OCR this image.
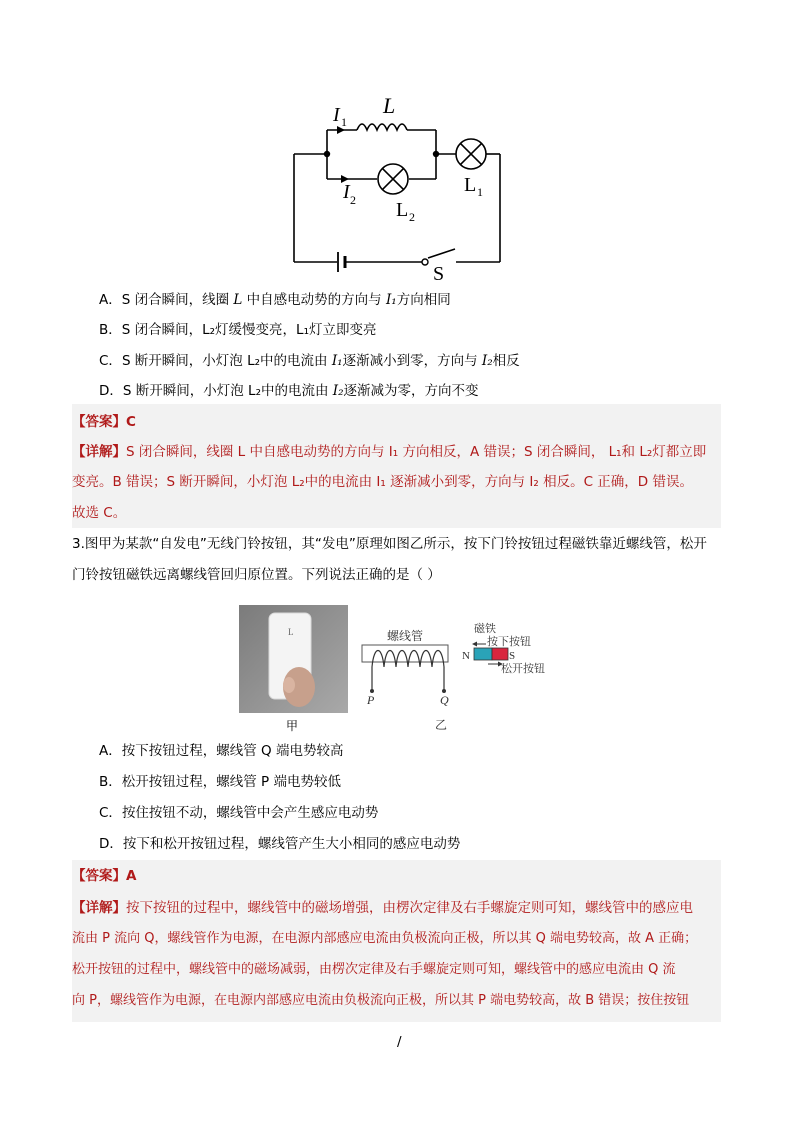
I 1
L
I 2 L 2
L 1
S
A．S 闭合瞬间，线圈 L 中自感电动势的方向与 I₁方向相同
B．S 闭合瞬间，L₂灯缓慢变亮，L₁灯立即变亮
C．S 断开瞬间，小灯泡 L₂中的电流由 I₁逐渐减小到零，方向与 I₂相反
D．S 断开瞬间，小灯泡 L₂中的电流由 I₂逐渐减为零，方向不变
【答案】C
【详解】S 闭合瞬间，线圈 L 中自感电动势的方向与 I₁ 方向相反，A 错误；S 闭合瞬间， L₁和 L₂灯都立即
变亮。B 错误；S 断开瞬间，小灯泡 L₂中的电流由 I₁ 逐渐减小到零，方向与 I₂ 相反。C 正确，D 错误。
故选 C。
3.图甲为某款“自发电”无线门铃按钮，其“发电”原理如图乙所示，按下门铃按钮过程磁铁靠近螺线管，松开
门铃按钮磁铁远离螺线管回归原位置。下列说法正确的是（ ）
L
甲
螺线管	磁铁
按下按钮
松开按钮
N	S
P	Q
乙
A．按下按钮过程，螺线管 Q 端电势较高
B．松开按钮过程，螺线管 P 端电势较低
C．按住按钮不动，螺线管中会产生感应电动势
D．按下和松开按钮过程，螺线管产生大小相同的感应电动势
【答案】A
【详解】按下按钮的过程中，螺线管中的磁场增强，由楞次定律及右手螺旋定则可知，螺线管中的感应电
流由 P 流向 Q，螺线管作为电源，在电源内部感应电流由负极流向正极，所以其 Q 端电势较高，故 A 正确；
松开按钮的过程中，螺线管中的磁场减弱，由楞次定律及右手螺旋定则可知，螺线管中的感应电流由 Q 流
向 P，螺线管作为电源，在电源内部感应电流由负极流向正极，所以其 P 端电势较高，故 B 错误；按住按钮
/
